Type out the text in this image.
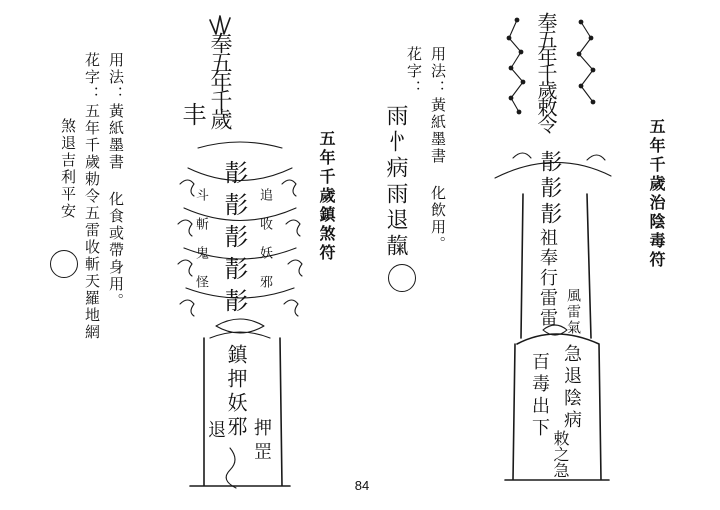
奉五年千歲
丰
𩇕𩇕𩇕𩇕𩇕
斗斬鬼怪
追收妖邪
鎮押妖邪 押罡
退
五年千歲鎮煞符
用法：黃紙墨書 化食或帶身用。
花字：五年千歲勅令五雷收斬天羅地網
煞退吉利平安
奉五年千歲敕令
𩇕𩇕𩇕
祖奉行雷雷
風雷氣
急退陰病
百毒出下 敕之急
五年千歲治陰毒符
用法：黃紙墨書 化飲用。
花字：
雨㣺病雨退靝
84
